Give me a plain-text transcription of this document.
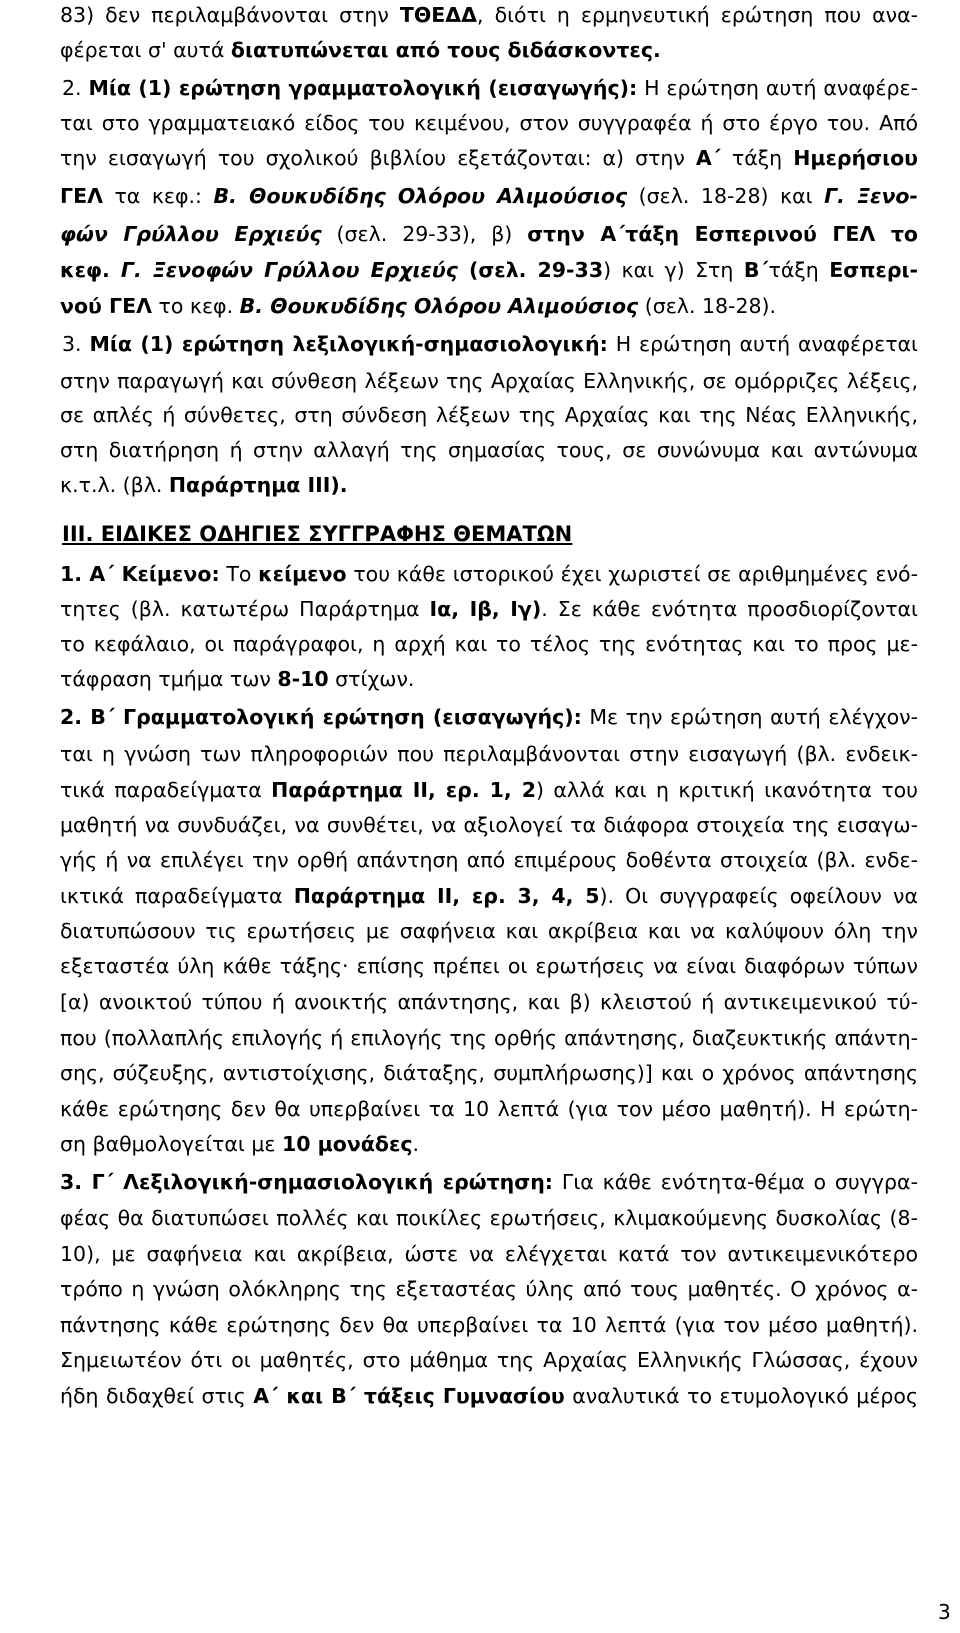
83) δεν περιλαμβάνονται στην ΤΘΕΔΔ, διότι η ερμηνευτική ερώτηση που ανα-
φέρεται σ' αυτά διατυπώνεται από τους διδάσκοντες.
2. Μία (1) ερώτηση γραμματολογική (εισαγωγής): Η ερώτηση αυτή αναφέρε-
ται στο γραμματειακό είδος του κειμένου, στον συγγραφέα ή στο έργο του. Από
την εισαγωγή του σχολικού βιβλίου εξετάζονται: α) στην Α΄ τάξη Ημερήσιου
ΓΕΛ τα κεφ.: Β. Θουκυδίδης Ολόρου Αλιμούσιος (σελ. 18-28) και Γ. Ξενο-
φών Γρύλλου Ερχιεύς (σελ. 29-33), β) στην Α΄τάξη Εσπερινού ΓΕΛ το
κεφ. Γ. Ξενοφών Γρύλλου Ερχιεύς (σελ. 29-33) και γ) Στη Β΄τάξη Εσπερι-
νού ΓΕΛ το κεφ. Β. Θουκυδίδης Ολόρου Αλιμούσιος (σελ. 18-28).
3. Μία (1) ερώτηση λεξιλογική-σημασιολογική: Η ερώτηση αυτή αναφέρεται
στην παραγωγή και σύνθεση λέξεων της Αρχαίας Ελληνικής, σε ομόρριζες λέξεις,
σε απλές ή σύνθετες, στη σύνδεση λέξεων της Αρχαίας και της Νέας Ελληνικής,
στη διατήρηση ή στην αλλαγή της σημασίας τους, σε συνώνυμα και αντώνυμα
κ.τ.λ. (βλ. Παράρτημα ΙΙΙ).
ΙΙΙ. ΕΙΔΙΚΕΣ ΟΔΗΓΙΕΣ ΣΥΓΓΡΑΦΗΣ ΘΕΜΑΤΩΝ
1. Α΄ Κείμενο: Το κείμενο του κάθε ιστορικού έχει χωριστεί σε αριθμημένες ενό-
τητες (βλ. κατωτέρω Παράρτημα Ια, Ιβ, Ιγ). Σε κάθε ενότητα προσδιορίζονται
το κεφάλαιο, οι παράγραφοι, η αρχή και το τέλος της ενότητας και το προς με-
τάφραση τμήμα των 8-10 στίχων.
2. Β΄ Γραμματολογική ερώτηση (εισαγωγής): Με την ερώτηση αυτή ελέγχον-
ται η γνώση των πληροφοριών που περιλαμβάνονται στην εισαγωγή (βλ. ενδεικ-
τικά παραδείγματα Παράρτημα ΙΙ, ερ. 1, 2) αλλά και η κριτική ικανότητα του
μαθητή να συνδυάζει, να συνθέτει, να αξιολογεί τα διάφορα στοιχεία της εισαγω-
γής ή να επιλέγει την ορθή απάντηση από επιμέρους δοθέντα στοιχεία (βλ. ενδε-
ικτικά παραδείγματα Παράρτημα ΙΙ, ερ. 3, 4, 5). Οι συγγραφείς οφείλουν να
διατυπώσουν τις ερωτήσεις με σαφήνεια και ακρίβεια και να καλύψουν όλη την
εξεταστέα ύλη κάθε τάξης· επίσης πρέπει οι ερωτήσεις να είναι διαφόρων τύπων
[α) ανοικτού τύπου ή ανοικτής απάντησης, και β) κλειστού ή αντικειμενικού τύ-
που (πολλαπλής επιλογής ή επιλογής της ορθής απάντησης, διαζευκτικής απάντη-
σης, σύζευξης, αντιστοίχισης, διάταξης, συμπλήρωσης)] και ο χρόνος απάντησης
κάθε ερώτησης δεν θα υπερβαίνει τα 10 λεπτά (για τον μέσο μαθητή). Η ερώτη-
ση βαθμολογείται με 10 μονάδες.
3. Γ΄ Λεξιλογική-σημασιολογική ερώτηση: Για κάθε ενότητα-θέμα ο συγγρα-
φέας θα διατυπώσει πολλές και ποικίλες ερωτήσεις, κλιμακούμενης δυσκολίας (8-
10), με σαφήνεια και ακρίβεια, ώστε να ελέγχεται κατά τον αντικειμενικότερο
τρόπο η γνώση ολόκληρης της εξεταστέας ύλης από τους μαθητές. Ο χρόνος α-
πάντησης κάθε ερώτησης δεν θα υπερβαίνει τα 10 λεπτά (για τον μέσο μαθητή).
Σημειωτέον ότι οι μαθητές, στο μάθημα της Αρχαίας Ελληνικής Γλώσσας, έχουν
ήδη διδαχθεί στις Α΄ και Β΄ τάξεις Γυμνασίου αναλυτικά το ετυμολογικό μέρος
3
